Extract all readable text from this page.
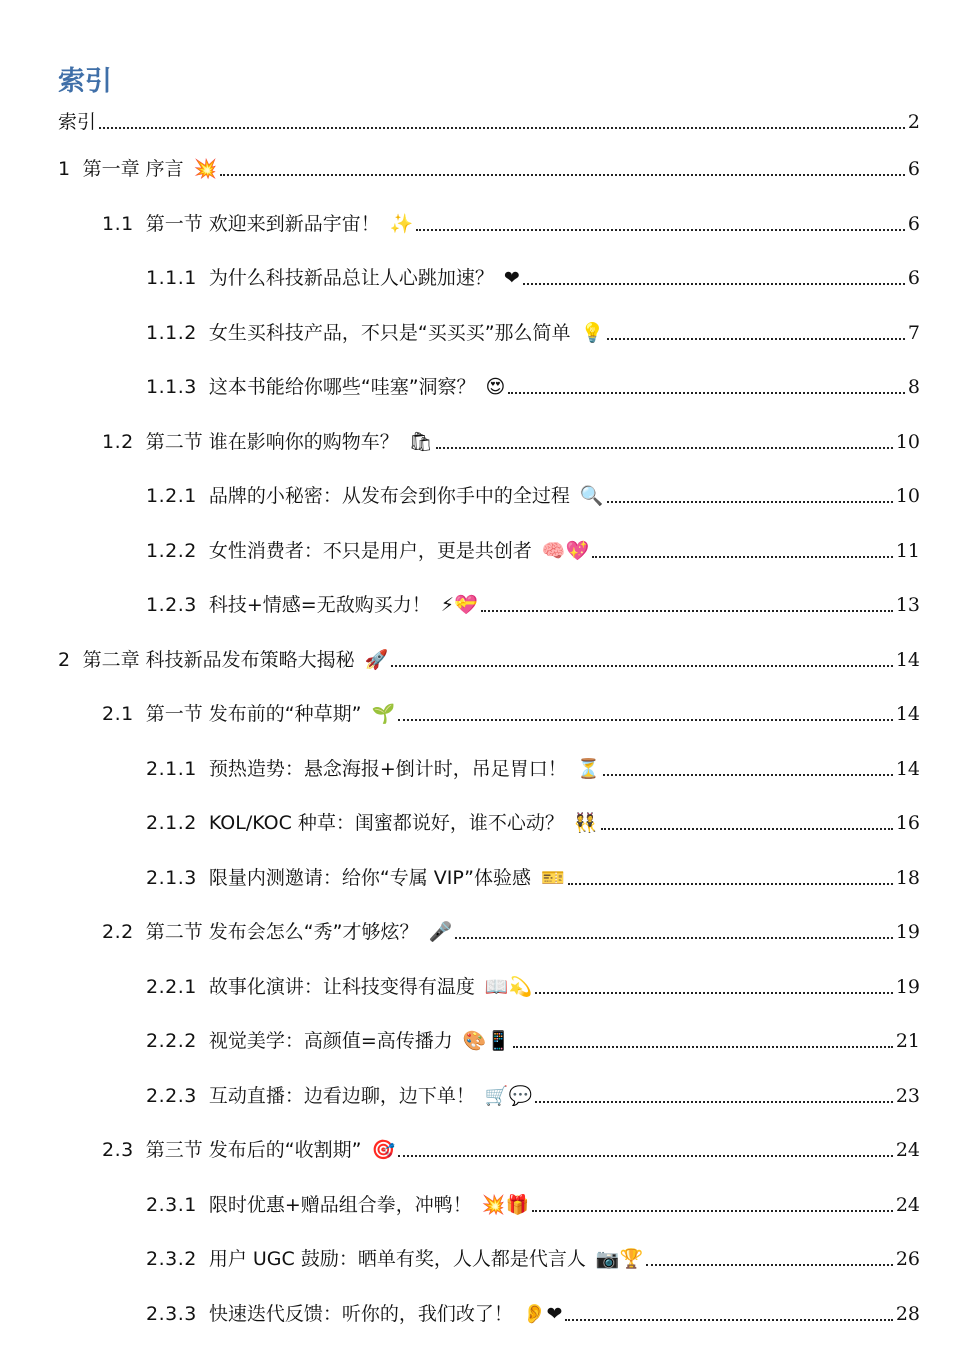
索引
索引	2
1 第一章 序言 💥	6
1.1 第一节 欢迎来到新品宇宙！ ✨	6
1.1.1 为什么科技新品总让人心跳加速？ ❤	6
1.1.2 女生买科技产品，不只是“买买买”那么简单 💡	7
1.1.3 这本书能给你哪些“哇塞”洞察？ 😍	8
1.2 第二节 谁在影响你的购物车？ 🛍	10
1.2.1 品牌的小秘密：从发布会到你手中的全过程 🔍	10
1.2.2 女性消费者：不只是用户，更是共创者 🧠💖	11
1.2.3 科技+情感=无敌购买力！ ⚡💝	13
2 第二章 科技新品发布策略大揭秘 🚀	14
2.1 第一节 发布前的“种草期” 🌱	14
2.1.1 预热造势：悬念海报+倒计时，吊足胃口！ ⏳	14
2.1.2 KOL/KOC 种草：闺蜜都说好，谁不心动？ 👯	16
2.1.3 限量内测邀请：给你“专属 VIP”体验感 🎫	18
2.2 第二节 发布会怎么“秀”才够炫？ 🎤	19
2.2.1 故事化演讲：让科技变得有温度 📖💫	19
2.2.2 视觉美学：高颜值=高传播力 🎨📱	21
2.2.3 互动直播：边看边聊，边下单！ 🛒💬	23
2.3 第三节 发布后的“收割期” 🎯	24
2.3.1 限时优惠+赠品组合拳，冲鸭！ 💥🎁	24
2.3.2 用户 UGC 鼓励：晒单有奖，人人都是代言人 📷🏆	26
2.3.3 快速迭代反馈：听你的，我们改了！ 👂❤	28
